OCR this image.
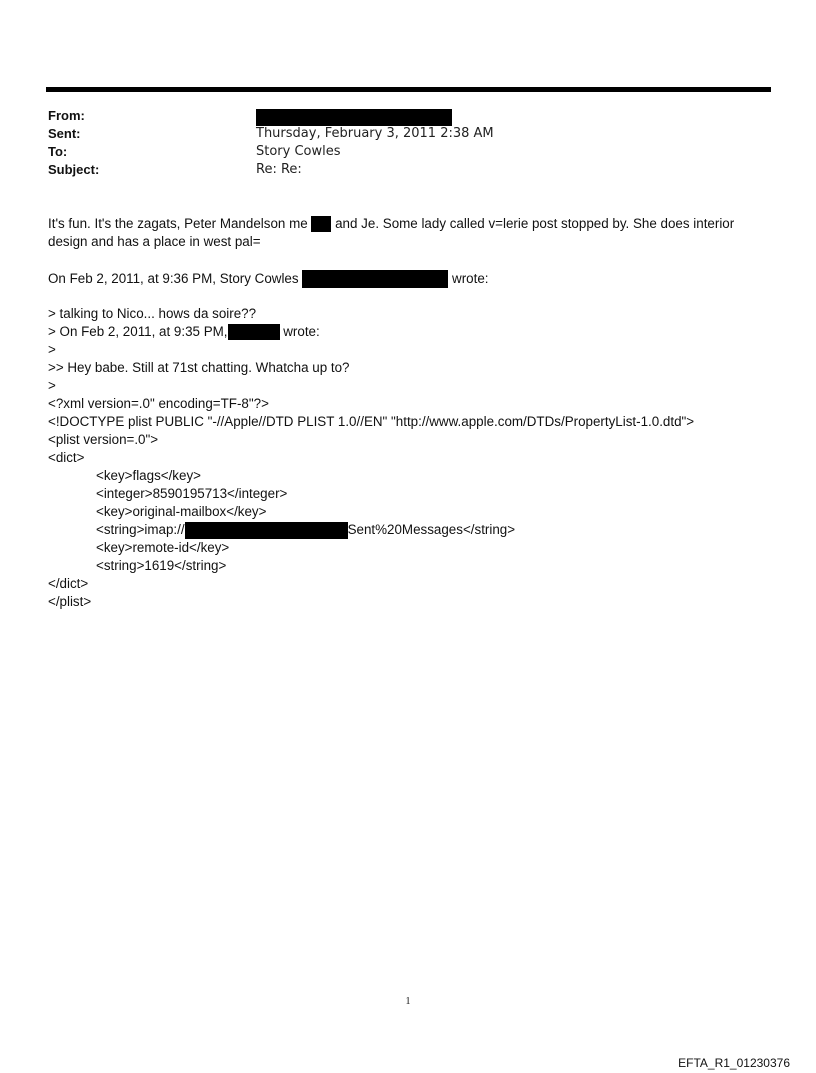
From:
Sent:	Thursday, February 3, 2011 2:38 AM
To:	Story Cowles
Subject:	Re: Re:
It's fun. It's the zagats, Peter Mandelson me  and Je. Some lady called v=lerie post stopped by. She does interior
design and has a place in west pal=
On Feb 2, 2011, at 9:36 PM, Story Cowles	wrote:
> talking to Nico... hows da soire??
> On Feb 2, 2011, at 9:35 PM,	wrote:
>
>> Hey babe. Still at 71st chatting. Whatcha up to?
>
<?xml version=.0" encoding=TF-8"?>
<!DOCTYPE plist PUBLIC "-//Apple//DTD PLIST 1.0//EN" "http://www.apple.com/DTDs/PropertyList-1.0.dtd">
<plist version=.0">
<dict>
<key>flags</key>
<integer>8590195713</integer>
<key>original-mailbox</key>
<string>imap://	Sent%20Messages</string>
<key>remote-id</key>
<string>1619</string>
</dict>
</plist>
1
EFTA_R1_01230376
